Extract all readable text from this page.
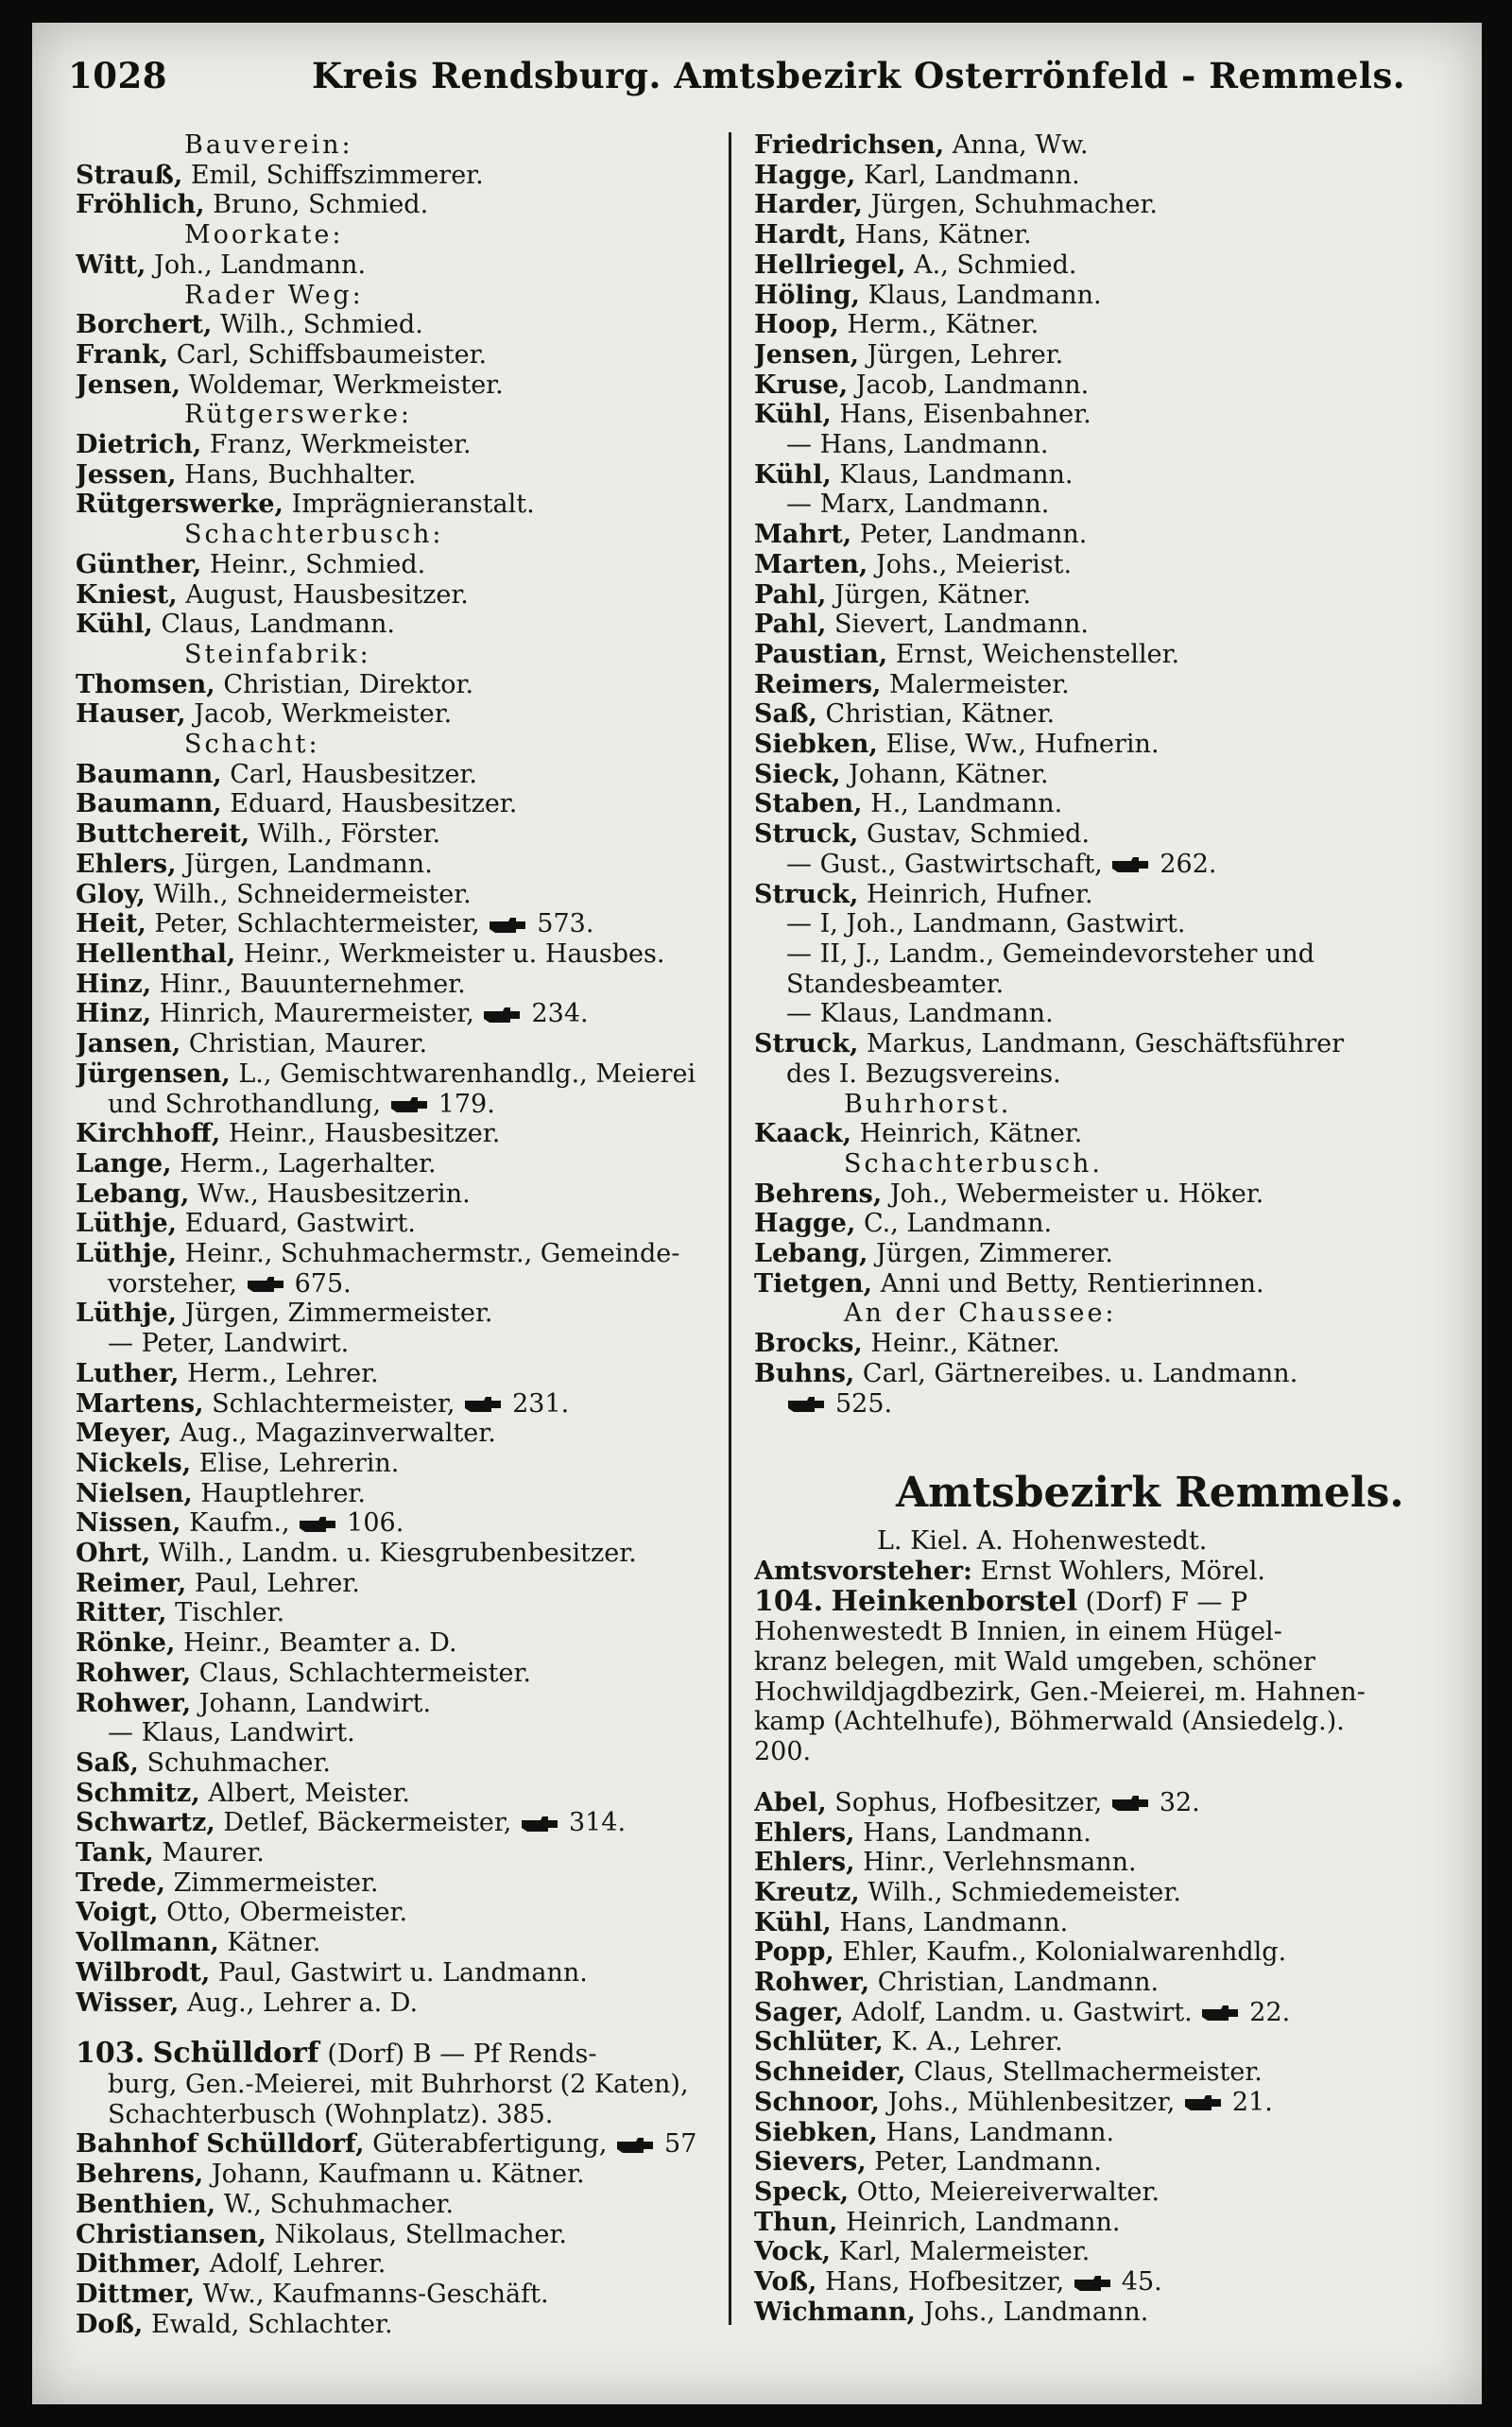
1028	Kreis Rendsburg. Amtsbezirk Osterrönfeld - Remmels.
Bauverein:
Strauß, Emil, Schiffszimmerer.
Fröhlich, Bruno, Schmied.
Moorkate:
Witt, Joh., Landmann.
Rader Weg:
Borchert, Wilh., Schmied.
Frank, Carl, Schiffsbaumeister.
Jensen, Woldemar, Werkmeister.
Rütgerswerke:
Dietrich, Franz, Werkmeister.
Jessen, Hans, Buchhalter.
Rütgerswerke, Imprägnieranstalt.
Schachterbusch:
Günther, Heinr., Schmied.
Kniest, August, Hausbesitzer.
Kühl, Claus, Landmann.
Steinfabrik:
Thomsen, Christian, Direktor.
Hauser, Jacob, Werkmeister.
Schacht:
Baumann, Carl, Hausbesitzer.
Baumann, Eduard, Hausbesitzer.
Buttchereit, Wilh., Förster.
Ehlers, Jürgen, Landmann.
Gloy, Wilh., Schneidermeister.
Heit, Peter, Schlachtermeister, 573.
Hellenthal, Heinr., Werkmeister u. Hausbes.
Hinz, Hinr., Bauunternehmer.
Hinz, Hinrich, Maurermeister, 234.
Jansen, Christian, Maurer.
Jürgensen, L., Gemischtwarenhandlg., Meierei
und Schrothandlung, 179.
Kirchhoff, Heinr., Hausbesitzer.
Lange, Herm., Lagerhalter.
Lebang, Ww., Hausbesitzerin.
Lüthje, Eduard, Gastwirt.
Lüthje, Heinr., Schuhmachermstr., Gemeinde-
vorsteher, 675.
Lüthje, Jürgen, Zimmermeister.
— Peter, Landwirt.
Luther, Herm., Lehrer.
Martens, Schlachtermeister, 231.
Meyer, Aug., Magazinverwalter.
Nickels, Elise, Lehrerin.
Nielsen, Hauptlehrer.
Nissen, Kaufm., 106.
Ohrt, Wilh., Landm. u. Kiesgrubenbesitzer.
Reimer, Paul, Lehrer.
Ritter, Tischler.
Rönke, Heinr., Beamter a. D.
Rohwer, Claus, Schlachtermeister.
Rohwer, Johann, Landwirt.
— Klaus, Landwirt.
Saß, Schuhmacher.
Schmitz, Albert, Meister.
Schwartz, Detlef, Bäckermeister, 314.
Tank, Maurer.
Trede, Zimmermeister.
Voigt, Otto, Obermeister.
Vollmann, Kätner.
Wilbrodt, Paul, Gastwirt u. Landmann.
Wisser, Aug., Lehrer a. D.
103. Schülldorf (Dorf) B — Pf Rends-
burg, Gen.-Meierei, mit Buhrhorst (2 Katen),
Schachterbusch (Wohnplatz). 385.
Bahnhof Schülldorf, Güterabfertigung, 57
Behrens, Johann, Kaufmann u. Kätner.
Benthien, W., Schuhmacher.
Christiansen, Nikolaus, Stellmacher.
Dithmer, Adolf, Lehrer.
Dittmer, Ww., Kaufmanns-Geschäft.
Doß, Ewald, Schlachter.
Friedrichsen, Anna, Ww.
Hagge, Karl, Landmann.
Harder, Jürgen, Schuhmacher.
Hardt, Hans, Kätner.
Hellriegel, A., Schmied.
Höling, Klaus, Landmann.
Hoop, Herm., Kätner.
Jensen, Jürgen, Lehrer.
Kruse, Jacob, Landmann.
Kühl, Hans, Eisenbahner.
— Hans, Landmann.
Kühl, Klaus, Landmann.
— Marx, Landmann.
Mahrt, Peter, Landmann.
Marten, Johs., Meierist.
Pahl, Jürgen, Kätner.
Pahl, Sievert, Landmann.
Paustian, Ernst, Weichensteller.
Reimers, Malermeister.
Saß, Christian, Kätner.
Siebken, Elise, Ww., Hufnerin.
Sieck, Johann, Kätner.
Staben, H., Landmann.
Struck, Gustav, Schmied.
— Gust., Gastwirtschaft, 262.
Struck, Heinrich, Hufner.
— I, Joh., Landmann, Gastwirt.
— II, J., Landm., Gemeindevorsteher und
Standesbeamter.
— Klaus, Landmann.
Struck, Markus, Landmann, Geschäftsführer
des I. Bezugsvereins.
Buhrhorst.
Kaack, Heinrich, Kätner.
Schachterbusch.
Behrens, Joh., Webermeister u. Höker.
Hagge, C., Landmann.
Lebang, Jürgen, Zimmerer.
Tietgen, Anni und Betty, Rentierinnen.
An der Chaussee:
Brocks, Heinr., Kätner.
Buhns, Carl, Gärtnereibes. u. Landmann.
525.
Amtsbezirk Remmels.
L. Kiel. A. Hohenwestedt.
Amtsvorsteher: Ernst Wohlers, Mörel.
104. Heinkenborstel (Dorf) F — P
Hohenwestedt B Innien, in einem Hügel-
kranz belegen, mit Wald umgeben, schöner
Hochwildjagdbezirk, Gen.-Meierei, m. Hahnen-
kamp (Achtelhufe), Böhmerwald (Ansiedelg.).
200.
Abel, Sophus, Hofbesitzer, 32.
Ehlers, Hans, Landmann.
Ehlers, Hinr., Verlehnsmann.
Kreutz, Wilh., Schmiedemeister.
Kühl, Hans, Landmann.
Popp, Ehler, Kaufm., Kolonialwarenhdlg.
Rohwer, Christian, Landmann.
Sager, Adolf, Landm. u. Gastwirt. 22.
Schlüter, K. A., Lehrer.
Schneider, Claus, Stellmachermeister.
Schnoor, Johs., Mühlenbesitzer, 21.
Siebken, Hans, Landmann.
Sievers, Peter, Landmann.
Speck, Otto, Meiereiverwalter.
Thun, Heinrich, Landmann.
Vock, Karl, Malermeister.
Voß, Hans, Hofbesitzer, 45.
Wichmann, Johs., Landmann.
